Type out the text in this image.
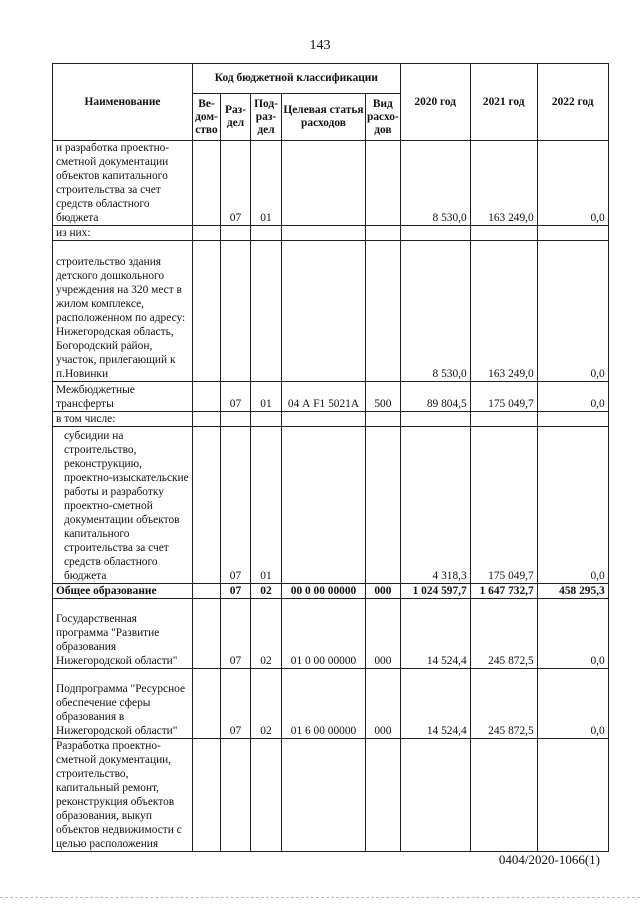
143
Наименование	Код бюджетной классификации					2020 год	2021 год	2022 год
	Ве-дом-ство	Раз-дел	Под-раз-дел	Целевая статья расходов	Вид расхо-дов			
и разработка проектно-сметной документации объектов капитального строительства за счет средств областного бюджета		07	01			8 530,0	163 249,0	0,0
из них:								
строительство здания детского дошкольного учреждения на 320 мест в жилом комплексе, расположенном по адресу: Нижегородская область, Богородский район, участок, прилегающий к п.Новинки						8 530,0	163 249,0	0,0
Межбюджетные трансферты		07	01	04 А F1 5021А	500	89 804,5	175 049,7	0,0
в том числе:								

субсидии на строительство, реконструкцию, проектно-изыскательские работы и разработку проектно-сметной документации объектов капитального строительства за счет средств областного бюджета		07	01			4 318,3	175 049,7	0,0
Общее образование		07	02	00 0 00 00000	000	1 024 597,7	1 647 732,7	458 295,3
Государственная программа "Развитие образования Нижегородской области"		07	02	01 0 00 00000	000	14 524,4	245 872,5	0,0
Подпрограмма "Ресурсное обеспечение сферы образования в Нижегородской области"		07	02	01 6 00 00000	000	14 524,4	245 872,5	0,0
Разработка проектно-сметной документации, строительство, капитальный ремонт, реконструкция объектов образования, выкуп объектов недвижимости с целью расположения								
0404/2020-1066(1)
